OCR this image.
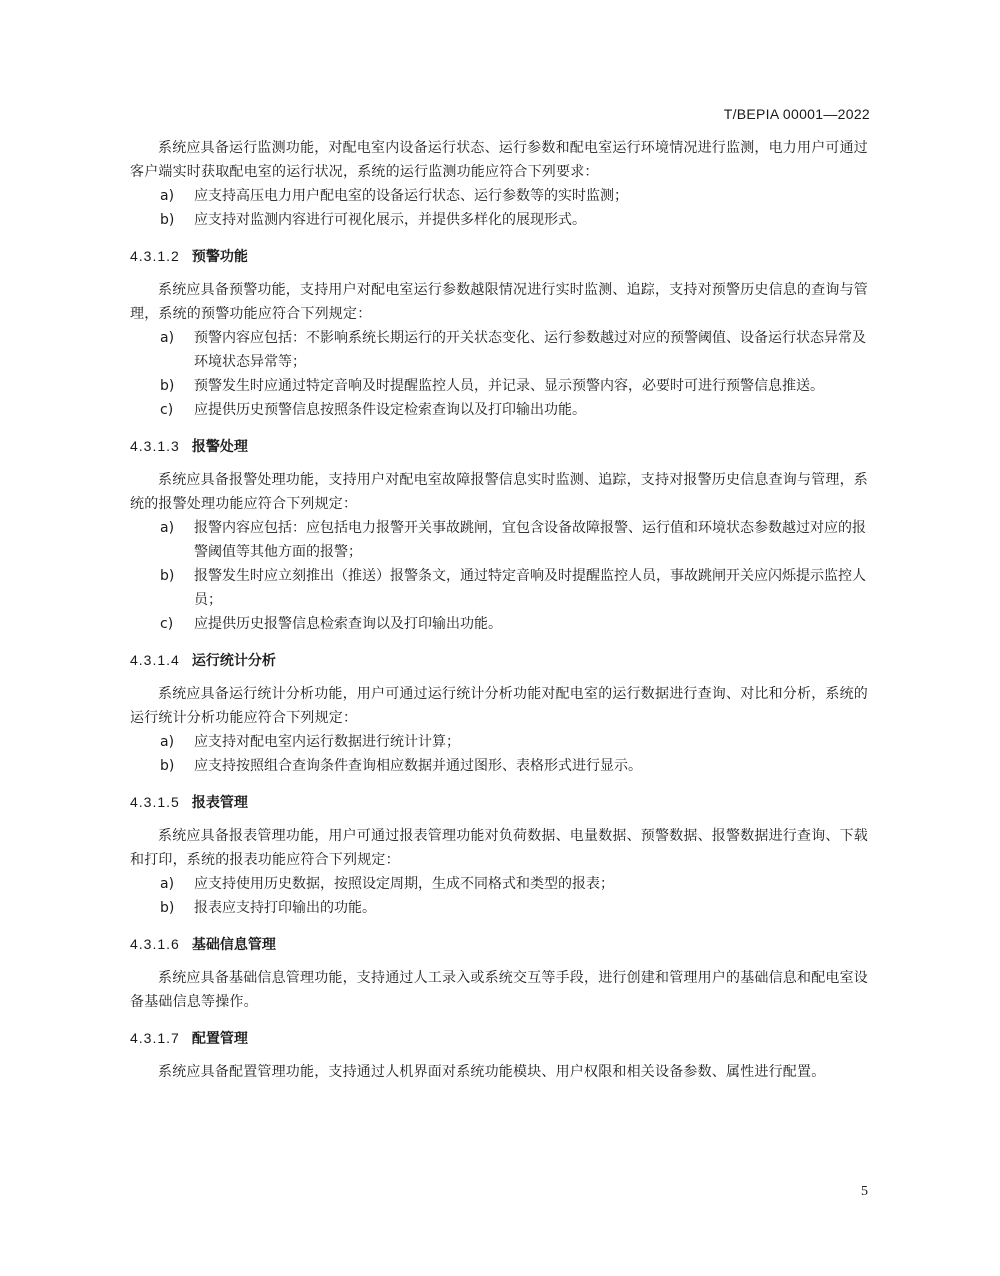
T/BEPIA 00001—2022

系统应具备运行监测功能，对配电室内设备运行状态、运行参数和配电室运行环境情况进行监测，电力用户可通过客户端实时获取配电室的运行状况，系统的运行监测功能应符合下列要求：

a) 应支持高压电力用户配电室的设备运行状态、运行参数等的实时监测；
b) 应支持对监测内容进行可视化展示，并提供多样化的展现形式。
4.3.1.2 预警功能

系统应具备预警功能，支持用户对配电室运行参数越限情况进行实时监测、追踪，支持对预警历史信息的查询与管理，系统的预警功能应符合下列规定：

a) 预警内容应包括：不影响系统长期运行的开关状态变化、运行参数越过对应的预警阈值、设备运行状态异常及环境状态异常等；
b) 预警发生时应通过特定音响及时提醒监控人员，并记录、显示预警内容，必要时可进行预警信息推送。
c) 应提供历史预警信息按照条件设定检索查询以及打印输出功能。
4.3.1.3 报警处理

系统应具备报警处理功能，支持用户对配电室故障报警信息实时监测、追踪，支持对报警历史信息查询与管理，系统的报警处理功能应符合下列规定：

a) 报警内容应包括：应包括电力报警开关事故跳闸，宜包含设备故障报警、运行值和环境状态参数越过对应的报警阈值等其他方面的报警；
b) 报警发生时应立刻推出（推送）报警条文，通过特定音响及时提醒监控人员，事故跳闸开关应闪烁提示监控人员；
c) 应提供历史报警信息检索查询以及打印输出功能。
4.3.1.4 运行统计分析

系统应具备运行统计分析功能，用户可通过运行统计分析功能对配电室的运行数据进行查询、对比和分析，系统的运行统计分析功能应符合下列规定：

a) 应支持对配电室内运行数据进行统计计算；
b) 应支持按照组合查询条件查询相应数据并通过图形、表格形式进行显示。
4.3.1.5 报表管理

系统应具备报表管理功能，用户可通过报表管理功能对负荷数据、电量数据、预警数据、报警数据进行查询、下载和打印，系统的报表功能应符合下列规定：

a) 应支持使用历史数据，按照设定周期，生成不同格式和类型的报表；
b) 报表应支持打印输出的功能。
4.3.1.6 基础信息管理

系统应具备基础信息管理功能，支持通过人工录入或系统交互等手段，进行创建和管理用户的基础信息和配电室设备基础信息等操作。

4.3.1.7 配置管理

系统应具备配置管理功能，支持通过人机界面对系统功能模块、用户权限和相关设备参数、属性进行配置。

5
